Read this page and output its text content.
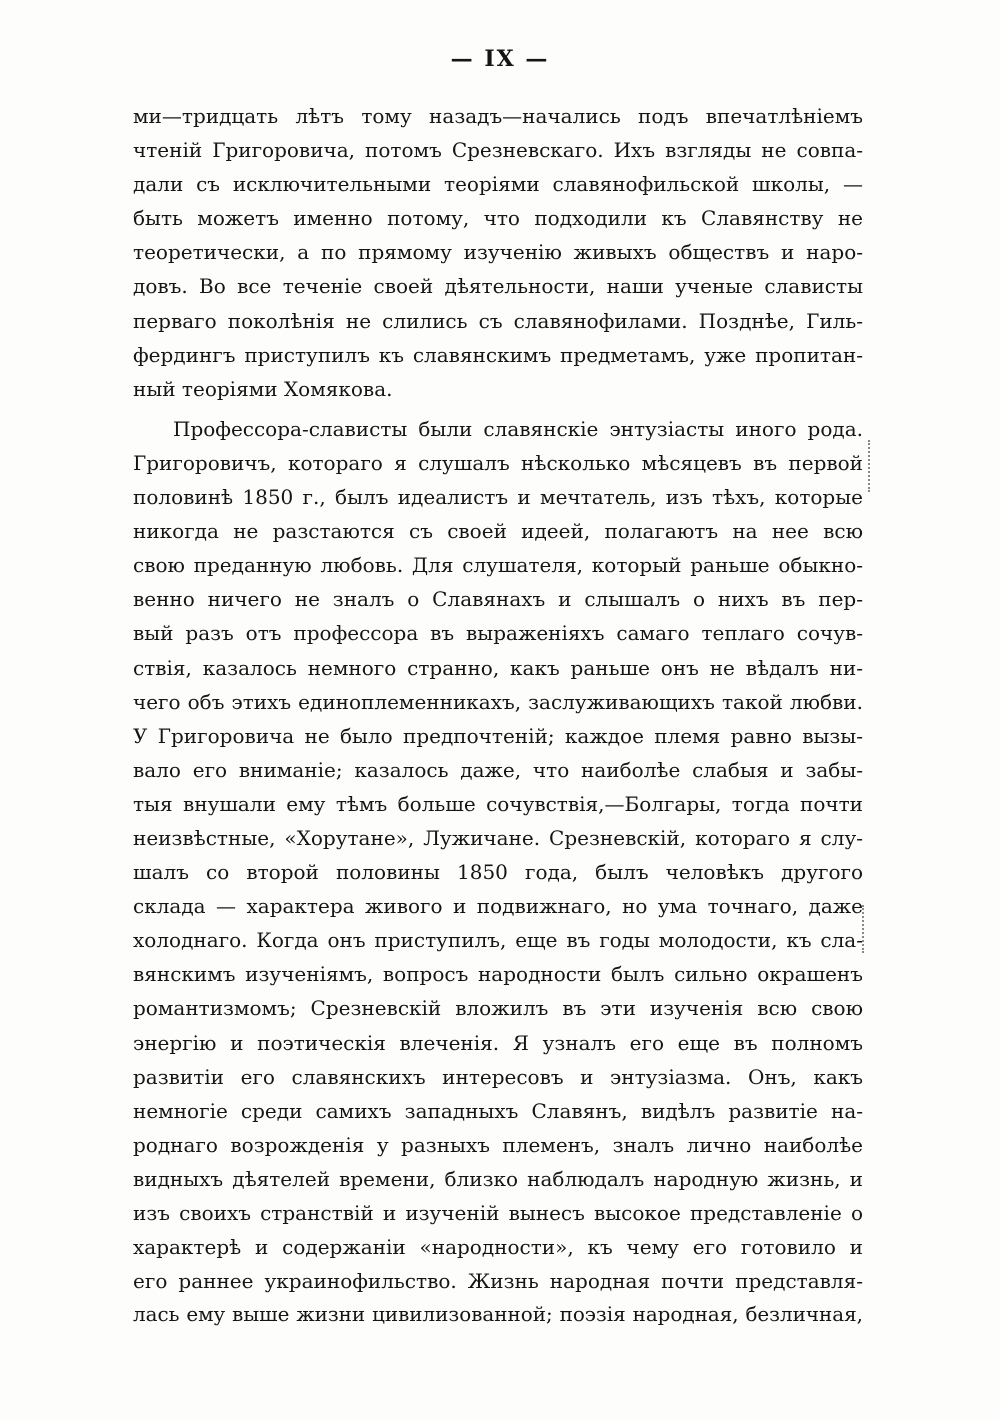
— IX —
ми—тридцать лѣтъ тому назадъ—начались подъ впечатлѣніемъ
чтеній Григоровича, потомъ Срезневскаго. Ихъ взгляды не совпа-
дали съ исключительными теоріями славянофильской школы, —
быть можетъ именно потому, что подходили къ Славянству не
теоретически, а по прямому изученію живыхъ обществъ и наро-
довъ. Во все теченіе своей дѣятельности, наши ученые слависты
перваго поколѣнія не слились съ славянофилами. Позднѣе, Гиль-
фердингъ приступилъ къ славянскимъ предметамъ, уже пропитан-
ный теоріями Хомякова.
Профессора-слависты были славянскіе энтузіасты иного рода.
Григоровичъ, котораго я слушалъ нѣсколько мѣсяцевъ въ первой
половинѣ 1850 г., былъ идеалистъ и мечтатель, изъ тѣхъ, которые
никогда не разстаются съ своей идеей, полагаютъ на нее всю
свою преданную любовь. Для слушателя, который раньше обыкно-
венно ничего не зналъ о Славянахъ и слышалъ о нихъ въ пер-
вый разъ отъ профессора въ выраженіяхъ самаго теплаго сочув-
ствія, казалось немного странно, какъ раньше онъ не вѣдалъ ни-
чего объ этихъ единоплеменникахъ, заслуживающихъ такой любви.
У Григоровича не было предпочтеній; каждое племя равно вызы-
вало его вниманіе; казалось даже, что наиболѣе слабыя и забы-
тыя внушали ему тѣмъ больше сочувствія,—Болгары, тогда почти
неизвѣстные, «Хорутане», Лужичане. Срезневскій, котораго я слу-
шалъ со второй половины 1850 года, былъ человѣкъ другого
склада — характера живого и подвижнаго, но ума точнаго, даже
холоднаго. Когда онъ приступилъ, еще въ годы молодости, къ сла-
вянскимъ изученіямъ, вопросъ народности былъ сильно окрашенъ
романтизмомъ; Срезневскій вложилъ въ эти изученія всю свою
энергію и поэтическія влеченія. Я узналъ его еще въ полномъ
развитіи его славянскихъ интересовъ и энтузіазма. Онъ, какъ
немногіе среди самихъ западныхъ Славянъ, видѣлъ развитіе на-
роднаго возрожденія у разныхъ племенъ, зналъ лично наиболѣе
видныхъ дѣятелей времени, близко наблюдалъ народную жизнь, и
изъ своихъ странствій и изученій вынесъ высокое представленіе о
характерѣ и содержаніи «народности», къ чему его готовило и
его раннее украинофильство. Жизнь народная почти представля-
лась ему выше жизни цивилизованной; поэзія народная, безличная,
